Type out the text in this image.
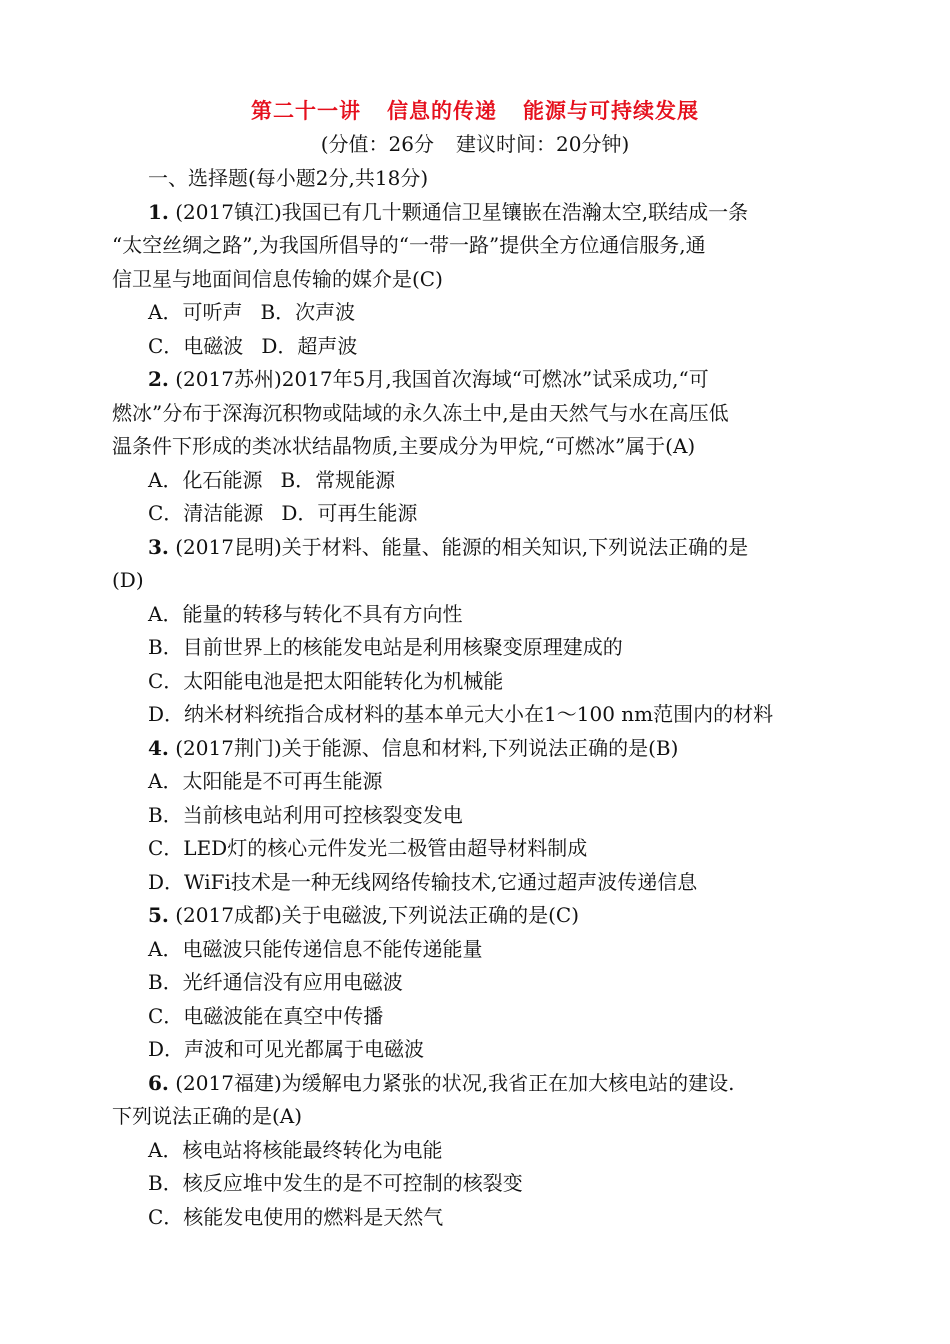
第二十一讲 信息的传递 能源与可持续发展
(分值：26分 建议时间：20分钟)
一、选择题(每小题2分,共18分)
1. (2017镇江)我国已有几十颗通信卫星镶嵌在浩瀚太空,联结成一条
“太空丝绸之路”,为我国所倡导的“一带一路”提供全方位通信服务,通
信卫星与地面间信息传输的媒介是(C)
A．可听声 B．次声波
C．电磁波 D．超声波
2. (2017苏州)2017年5月,我国首次海域“可燃冰”试采成功,“可
燃冰”分布于深海沉积物或陆域的永久冻土中,是由天然气与水在高压低
温条件下形成的类冰状结晶物质,主要成分为甲烷,“可燃冰”属于(A)
A．化石能源 B．常规能源
C．清洁能源 D．可再生能源
3. (2017昆明)关于材料、能量、能源的相关知识,下列说法正确的是
(D)
A．能量的转移与转化不具有方向性
B．目前世界上的核能发电站是利用核聚变原理建成的
C．太阳能电池是把太阳能转化为机械能
D．纳米材料统指合成材料的基本单元大小在1～100 nm范围内的材料
4. (2017荆门)关于能源、信息和材料,下列说法正确的是(B)
A．太阳能是不可再生能源
B．当前核电站利用可控核裂变发电
C．LED灯的核心元件发光二极管由超导材料制成
D．WiFi技术是一种无线网络传输技术,它通过超声波传递信息
5. (2017成都)关于电磁波,下列说法正确的是(C)
A．电磁波只能传递信息不能传递能量
B．光纤通信没有应用电磁波
C．电磁波能在真空中传播
D．声波和可见光都属于电磁波
6. (2017福建)为缓解电力紧张的状况,我省正在加大核电站的建设.
下列说法正确的是(A)
A．核电站将核能最终转化为电能
B．核反应堆中发生的是不可控制的核裂变
C．核能发电使用的燃料是天然气
